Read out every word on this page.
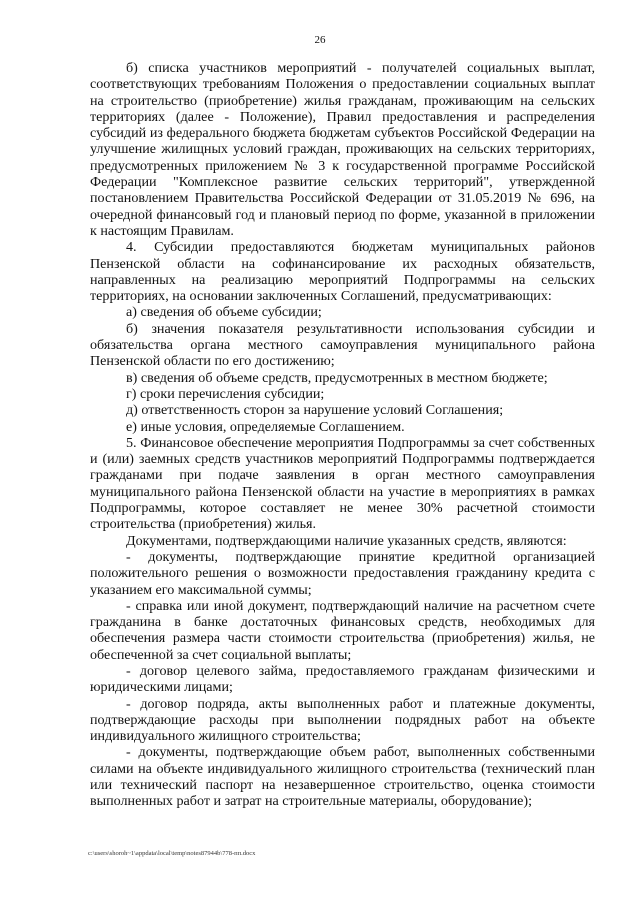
26

б) списка участников мероприятий - получателей социальных выплат, соответствующих требованиям Положения о предоставлении социальных выплат на строительство (приобретение) жилья гражданам, проживающим на сельских территориях (далее - Положение), Правил предоставления и распределения субсидий из федерального бюджета бюджетам субъектов Российской Федерации на улучшение жилищных условий граждан, проживающих на сельских территориях, предусмотренных приложением № 3 к государственной программе Российской Федерации "Комплексное развитие сельских территорий", утвержденной постановлением Правительства Российской Федерации от 31.05.2019 № 696, на очередной финансовый год и плановый период по форме, указанной в приложении к настоящим Правилам.

4. Субсидии предоставляются бюджетам муниципальных районов Пензенской области на софинансирование их расходных обязательств, направленных на реализацию мероприятий Подпрограммы на сельских территориях, на основании заключенных Соглашений, предусматривающих:

а) сведения об объеме субсидии;

б) значения показателя результативности использования субсидии и обязательства органа местного самоуправления муниципального района Пензенской области по его достижению;

в) сведения об объеме средств, предусмотренных в местном бюджете;

г) сроки перечисления субсидии;

д) ответственность сторон за нарушение условий Соглашения;

е) иные условия, определяемые Соглашением.

5. Финансовое обеспечение мероприятия Подпрограммы за счет собственных и (или) заемных средств участников мероприятий Подпрограммы подтверждается гражданами при подаче заявления в орган местного самоуправления муниципального района Пензенской области на участие в мероприятиях в рамках Подпрограммы, которое составляет не менее 30% расчетной стоимости строительства (приобретения) жилья.

Документами, подтверждающими наличие указанных средств, являются:

- документы, подтверждающие принятие кредитной организацией положительного решения о возможности предоставления гражданину кредита с указанием его максимальной суммы;

- справка или иной документ, подтверждающий наличие на расчетном счете гражданина в банке достаточных финансовых средств, необходимых для обеспечения размера части стоимости строительства (приобретения) жилья, не обеспеченной за счет социальной выплаты;

- договор целевого займа, предоставляемого гражданам физическими и юридическими лицами;

- договор подряда, акты выполненных работ и платежные документы, подтверждающие расходы при выполнении подрядных работ на объекте индивидуального жилищного строительства;

- документы, подтверждающие объем работ, выполненных собственными силами на объекте индивидуального жилищного строительства (технический план или технический паспорт на незавершенное строительство, оценка стоимости выполненных работ и затрат на строительные материалы, оборудование);

c:\users\shoroh~1\appdata\local\temp\notes87944b\778-пп.docx
